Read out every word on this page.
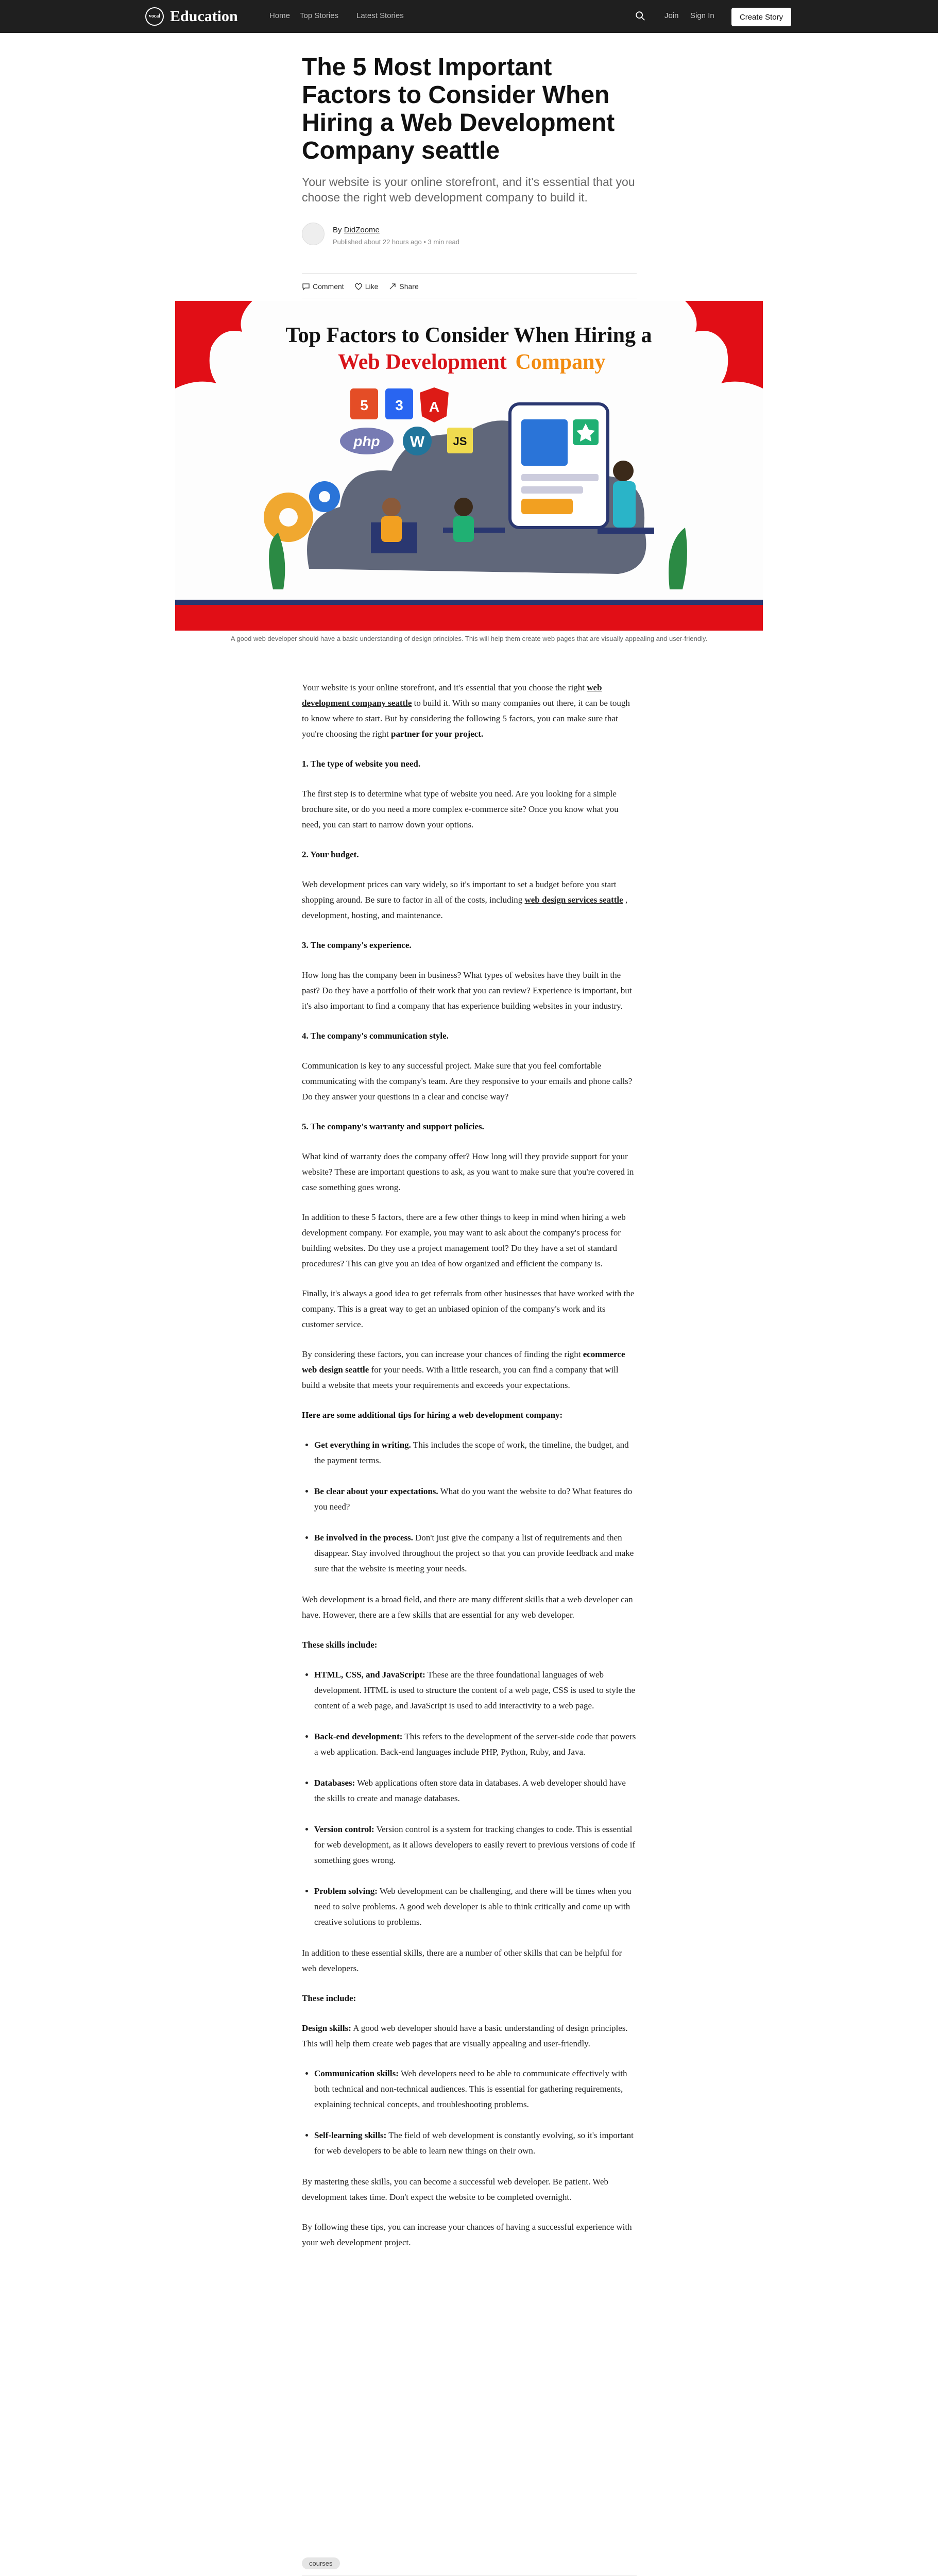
vocal Education	Home Top Stories Latest Stories	Join Sign In	Create Story
The 5 Most Important Factors to Consider When Hiring a Web Development Company seattle

Your website is your online storefront, and it's essential that you choose the right web development company to build it.

By DidZoome
Published about 22 hours ago • 3 min read
Comment	Like	Share
Top Factors to Consider When Hiring a
Web Development Company
5 3 A
php W	JS
A good web developer should have a basic understanding of design principles. This will help them create web pages that are visually appealing and user-friendly.

Your website is your online storefront, and it's essential that you choose the right web development company seattle to build it. With so many companies out there, it can be tough to know where to start. But by considering the following 5 factors, you can make sure that you're choosing the right partner for your project.

1. The type of website you need.

The first step is to determine what type of website you need. Are you looking for a simple brochure site, or do you need a more complex e-commerce site? Once you know what you need, you can start to narrow down your options.

2. Your budget.

Web development prices can vary widely, so it's important to set a budget before you start shopping around. Be sure to factor in all of the costs, including web design services seattle , development, hosting, and maintenance.

3. The company's experience.

How long has the company been in business? What types of websites have they built in the past? Do they have a portfolio of their work that you can review? Experience is important, but it's also important to find a company that has experience building websites in your industry.

4. The company's communication style.

Communication is key to any successful project. Make sure that you feel comfortable communicating with the company's team. Are they responsive to your emails and phone calls? Do they answer your questions in a clear and concise way?

5. The company's warranty and support policies.

What kind of warranty does the company offer? How long will they provide support for your website? These are important questions to ask, as you want to make sure that you're covered in case something goes wrong.

In addition to these 5 factors, there are a few other things to keep in mind when hiring a web development company. For example, you may want to ask about the company's process for building websites. Do they use a project management tool? Do they have a set of standard procedures? This can give you an idea of how organized and efficient the company is.

Finally, it's always a good idea to get referrals from other businesses that have worked with the company. This is a great way to get an unbiased opinion of the company's work and its customer service.

By considering these factors, you can increase your chances of finding the right ecommerce web design seattle for your needs. With a little research, you can find a company that will build a website that meets your requirements and exceeds your expectations.

Here are some additional tips for hiring a web development company:

• Get everything in writing. This includes the scope of work, the timeline, the budget, and the payment terms.
• Be clear about your expectations. What do you want the website to do? What features do you need?
• Be involved in the process. Don't just give the company a list of requirements and then disappear. Stay involved throughout the project so that you can provide feedback and make sure that the website is meeting your needs.

Web development is a broad field, and there are many different skills that a web developer can have. However, there are a few skills that are essential for any web developer.

These skills include:

• HTML, CSS, and JavaScript: These are the three foundational languages of web development. HTML is used to structure the content of a web page, CSS is used to style the content of a web page, and JavaScript is used to add interactivity to a web page.
• Back-end development: This refers to the development of the server-side code that powers a web application. Back-end languages include PHP, Python, Ruby, and Java.
• Databases: Web applications often store data in databases. A web developer should have the skills to create and manage databases.
• Version control: Version control is a system for tracking changes to code. This is essential for web development, as it allows developers to easily revert to previous versions of code if something goes wrong.
• Problem solving: Web development can be challenging, and there will be times when you need to solve problems. A good web developer is able to think critically and come up with creative solutions to problems.

In addition to these essential skills, there are a number of other skills that can be helpful for web developers.

These include:

Design skills: A good web developer should have a basic understanding of design principles. This will help them create web pages that are visually appealing and user-friendly.

• Communication skills: Web developers need to be able to communicate effectively with both technical and non-technical audiences. This is essential for gathering requirements, explaining technical concepts, and troubleshooting problems.
• Self-learning skills: The field of web development is constantly evolving, so it's important for web developers to be able to learn new things on their own.

By mastering these skills, you can become a successful web developer. Be patient. Web development takes time. Don't expect the website to be completed overnight.

By following these tips, you can increase your chances of having a successful experience with your web development project.

courses
